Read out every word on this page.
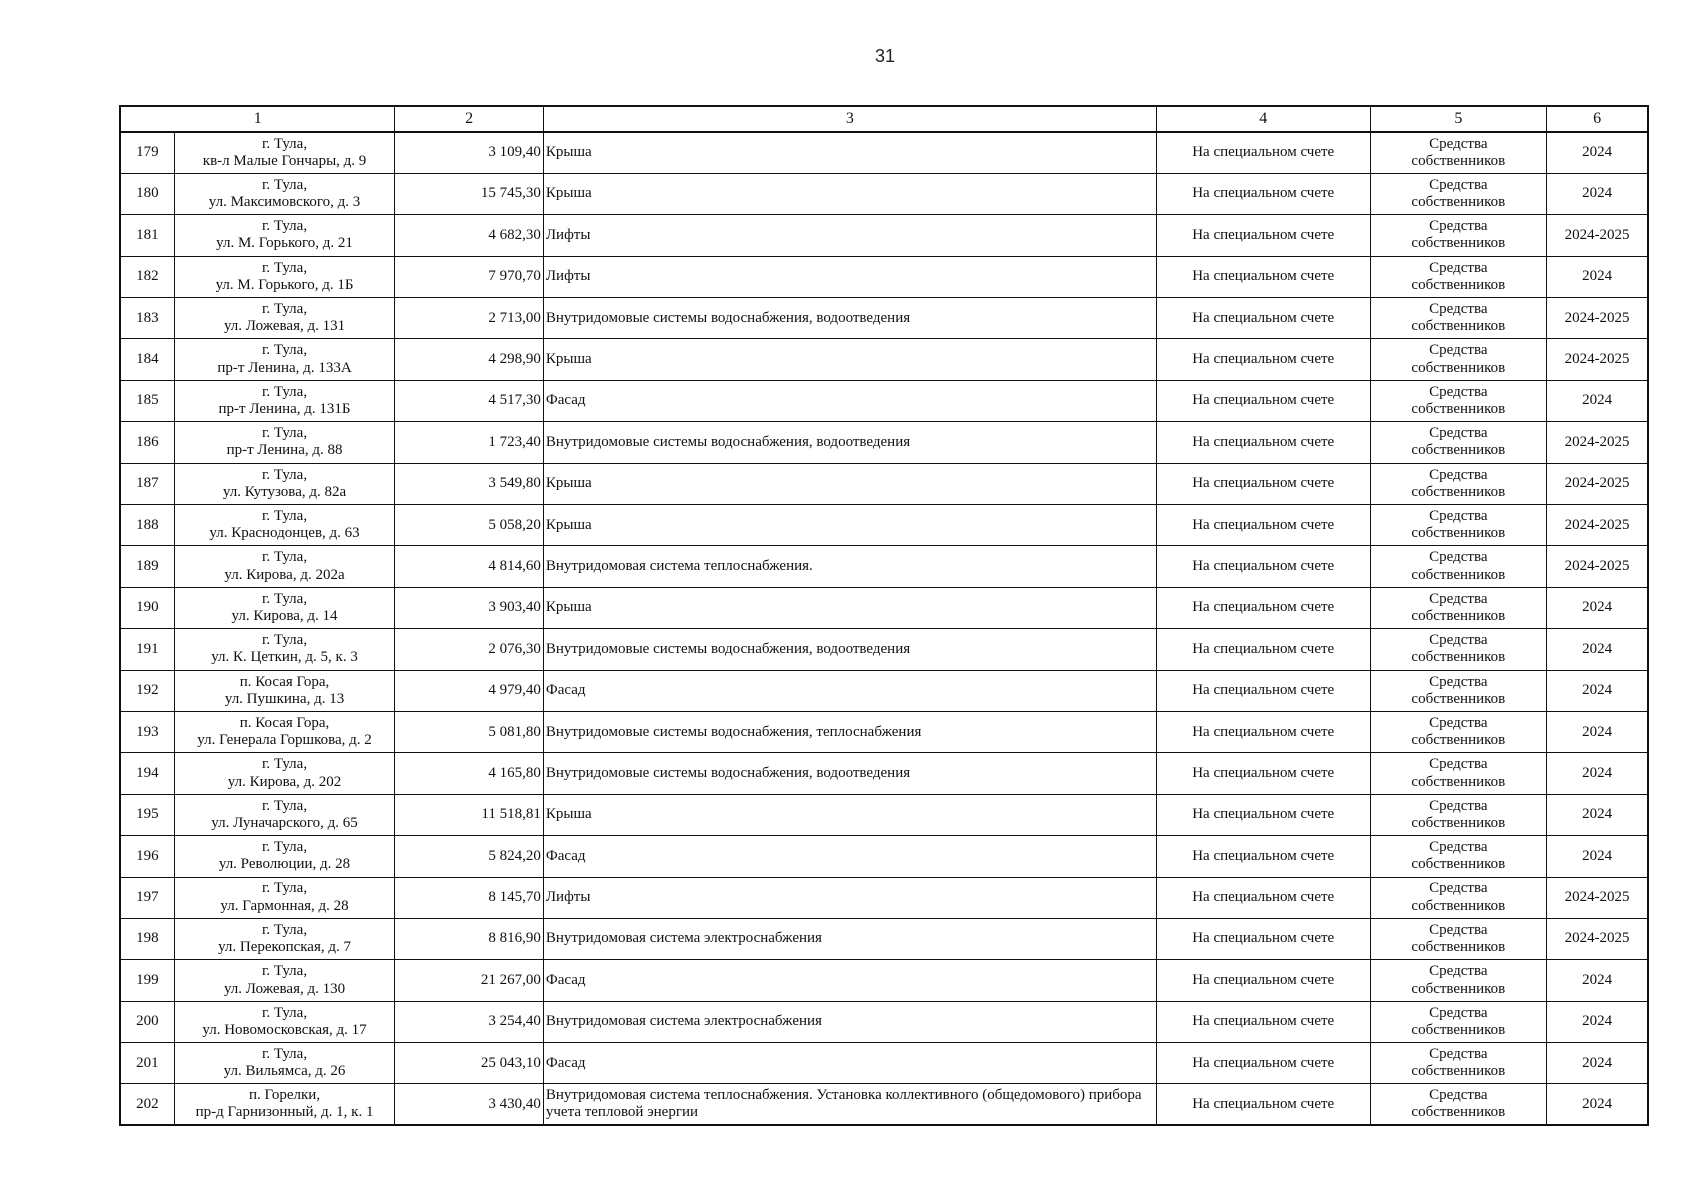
31
1		2	3	4	5	6
179	г. Тула,
кв-л Малые Гончары, д. 9	3 109,40	Крыша	На специальном счете	Средства
собственников	2024
180	г. Тула,
ул. Максимовского, д. 3	15 745,30	Крыша	На специальном счете	Средства
собственников	2024
181	г. Тула,
ул. М. Горького, д. 21	4 682,30	Лифты	На специальном счете	Средства
собственников	2024-2025
182	г. Тула,
ул. М. Горького, д. 1Б	7 970,70	Лифты	На специальном счете	Средства
собственников	2024
183	г. Тула,
ул. Ложевая, д. 131	2 713,00	Внутридомовые системы водоснабжения, водоотведения	На специальном счете	Средства
собственников	2024-2025
184	г. Тула,
пр-т Ленина, д. 133А	4 298,90	Крыша	На специальном счете	Средства
собственников	2024-2025
185	г. Тула,
пр-т Ленина, д. 131Б	4 517,30	Фасад	На специальном счете	Средства
собственников	2024
186	г. Тула,
пр-т Ленина, д. 88	1 723,40	Внутридомовые системы водоснабжения, водоотведения	На специальном счете	Средства
собственников	2024-2025
187	г. Тула,
ул. Кутузова, д. 82а	3 549,80	Крыша	На специальном счете	Средства
собственников	2024-2025
188	г. Тула,
ул. Краснодонцев, д. 63	5 058,20	Крыша	На специальном счете	Средства
собственников	2024-2025
189	г. Тула,
ул. Кирова, д. 202а	4 814,60	Внутридомовая система теплоснабжения.	На специальном счете	Средства
собственников	2024-2025
190	г. Тула,
ул. Кирова, д. 14	3 903,40	Крыша	На специальном счете	Средства
собственников	2024
191	г. Тула,
ул. К. Цеткин, д. 5, к. 3	2 076,30	Внутридомовые системы водоснабжения, водоотведения	На специальном счете	Средства
собственников	2024
192	п. Косая Гора,
ул. Пушкина, д. 13	4 979,40	Фасад	На специальном счете	Средства
собственников	2024
193	п. Косая Гора,
ул. Генерала Горшкова, д. 2	5 081,80	Внутридомовые системы водоснабжения, теплоснабжения	На специальном счете	Средства
собственников	2024
194	г. Тула,
ул. Кирова, д. 202	4 165,80	Внутридомовые системы водоснабжения, водоотведения	На специальном счете	Средства
собственников	2024
195	г. Тула,
ул. Луначарского, д. 65	11 518,81	Крыша	На специальном счете	Средства
собственников	2024
196	г. Тула,
ул. Революции, д. 28	5 824,20	Фасад	На специальном счете	Средства
собственников	2024
197	г. Тула,
ул. Гармонная, д. 28	8 145,70	Лифты	На специальном счете	Средства
собственников	2024-2025
198	г. Тула,
ул. Перекопская, д. 7	8 816,90	Внутридомовая система электроснабжения	На специальном счете	Средства
собственников	2024-2025
199	г. Тула,
ул. Ложевая, д. 130	21 267,00	Фасад	На специальном счете	Средства
собственников	2024
200	г. Тула,
ул. Новомосковская, д. 17	3 254,40	Внутридомовая система электроснабжения	На специальном счете	Средства
собственников	2024
201	г. Тула,
ул. Вильямса, д. 26	25 043,10	Фасад	На специальном счете	Средства
собственников	2024
202	п. Горелки,
пр-д Гарнизонный, д. 1, к. 1	3 430,40	Внутридомовая система теплоснабжения. Установка коллективного (общедомового) прибора учета тепловой энергии	На специальном счете	Средства
собственников	2024
